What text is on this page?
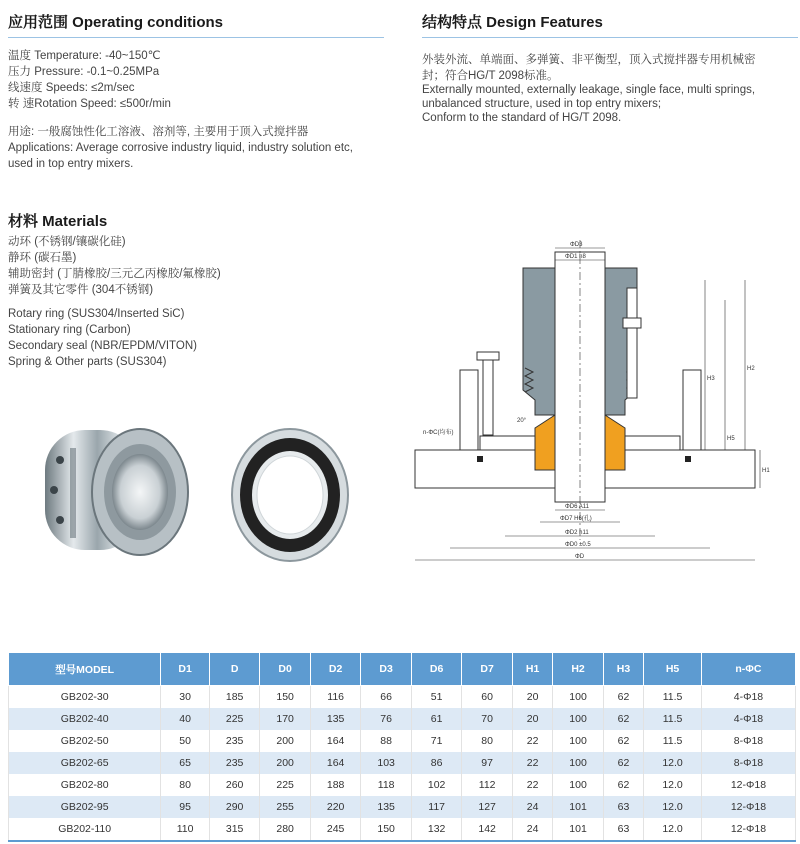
应用范围 Operating conditions
温度 Temperature: -40~150℃
压力 Pressure: -0.1~0.25MPa
线速度 Speeds: ≤2m/sec
转 速Rotation Speed: ≤500r/min
用途: 一般腐蚀性化工溶液、溶剂等, 主要用于顶入式搅拌器
Applications: Average corrosive industry liquid, industry solution etc,
used in top entry mixers.
结构特点 Design Features
外装外流、单端面、多弹簧、非平衡型，顶入式搅拌器专用机械密
封；符合HG/T 2098标准。
Externally mounted, externally leakage, single face, multi springs,
unbalanced structure, used in top entry mixers;
Conform to the standard of HG/T 2098.
材料 Materials
动环 (不锈钢/镶碳化硅)
静环 (碳石墨)
辅助密封 (丁腈橡胶/三元乙丙橡胶/氟橡胶)
弹簧及其它零件 (304不锈钢)
Rotary ring (SUS304/Inserted SiC)
Stationary ring (Carbon)
Secondary seal (NBR/EPDM/VITON)
Spring & Other parts (SUS304)
ΦD3
ΦD1 h8
ΦD6 A11
ΦD7 H6(孔)
ΦD2 h11
ΦD0 ±0.5
ΦD
n-ΦC(均布)
20°
H3
H2
H5
H1
型号MODEL	D1	D	D0	D2	D3	D6	D7	H1	H2	H3	H5	n-ΦC
GB202-30	30	185	150	116	66	51	60	20	100	62	11.5	4-Φ18
GB202-40	40	225	170	135	76	61	70	20	100	62	11.5	4-Φ18
GB202-50	50	235	200	164	88	71	80	22	100	62	11.5	8-Φ18
GB202-65	65	235	200	164	103	86	97	22	100	62	12.0	8-Φ18
GB202-80	80	260	225	188	118	102	112	22	100	62	12.0	12-Φ18
GB202-95	95	290	255	220	135	117	127	24	101	63	12.0	12-Φ18
GB202-110	110	315	280	245	150	132	142	24	101	63	12.0	12-Φ18
